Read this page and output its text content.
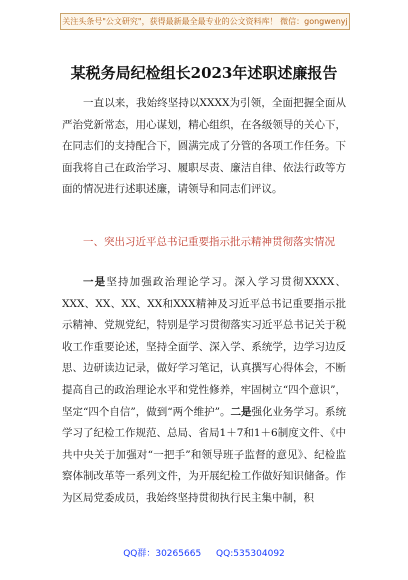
关注头条号"公文研究"，获得最新最全最专业的公文资料库！ 微信：gongwenyj
某税务局纪检组长2023年述职述廉报告

一直以来，我始终坚持以XXXX为引领，全面把握全面从严治党新常态，用心谋划，精心组织，在各级领导的关心下，在同志们的支持配合下，圆满完成了分管的各项工作任务。下面我将自己在政治学习、履职尽责、廉洁自律、依法行政等方面的情况进行述职述廉，请领导和同志们评议。

一、突出习近平总书记重要指示批示精神贯彻落实情况

一是坚持加强政治理论学习。深入学习贯彻XXXX、XXX、XX、XX、XX和XXX精神及习近平总书记重要指示批示精神、党规党纪，特别是学习贯彻落实习近平总书记关于税收工作重要论述，坚持全面学、深入学、系统学，边学习边反思、边研读边记录，做好学习笔记，认真撰写心得体会，不断提高自己的政治理论水平和党性修养，牢固树立“四个意识”，坚定“四个自信”，做到“两个维护”。二是强化业务学习。系统学习了纪检工作规范、总局、省局1＋7和1＋6制度文件、《中共中央关于加强对“一把手”和领导班子监督的意见》、纪检监察体制改革等一系列文件，为开展纪检工作做好知识储备。作为区局党委成员，我始终坚持贯彻执行民主集中制，积

QQ群：30265665 QQ:535304092
